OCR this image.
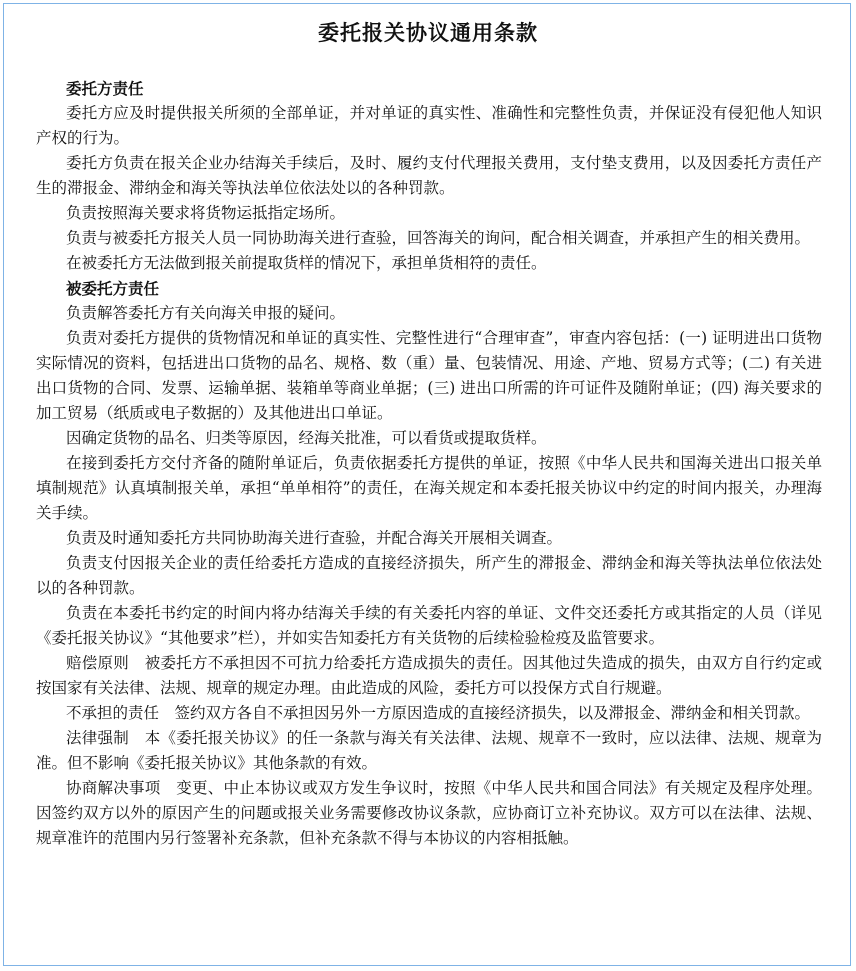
委托报关协议通用条款

委托方责任

委托方应及时提供报关所须的全部单证，并对单证的真实性、准确性和完整性负责，并保证没有侵犯他人知识产权的行为。

委托方负责在报关企业办结海关手续后，及时、履约支付代理报关费用，支付垫支费用，以及因委托方责任产生的滞报金、滞纳金和海关等执法单位依法处以的各种罚款。

负责按照海关要求将货物运抵指定场所。

负责与被委托方报关人员一同协助海关进行查验，回答海关的询问，配合相关调查，并承担产生的相关费用。

在被委托方无法做到报关前提取货样的情况下，承担单货相符的责任。

被委托方责任

负责解答委托方有关向海关申报的疑问。

负责对委托方提供的货物情况和单证的真实性、完整性进行“合理审查”，审查内容包括：(一) 证明进出口货物实际情况的资料，包括进出口货物的品名、规格、数（重）量、包装情况、用途、产地、贸易方式等；(二) 有关进出口货物的合同、发票、运输单据、装箱单等商业单据；(三) 进出口所需的许可证件及随附单证；(四) 海关要求的加工贸易（纸质或电子数据的）及其他进出口单证。

因确定货物的品名、归类等原因，经海关批准，可以看货或提取货样。

在接到委托方交付齐备的随附单证后，负责依据委托方提供的单证，按照《中华人民共和国海关进出口报关单填制规范》认真填制报关单，承担“单单相符”的责任，在海关规定和本委托报关协议中约定的时间内报关，办理海关手续。

负责及时通知委托方共同协助海关进行查验，并配合海关开展相关调查。

负责支付因报关企业的责任给委托方造成的直接经济损失，所产生的滞报金、滞纳金和海关等执法单位依法处以的各种罚款。

负责在本委托书约定的时间内将办结海关手续的有关委托内容的单证、文件交还委托方或其指定的人员（详见《委托报关协议》“其他要求”栏），并如实告知委托方有关货物的后续检验检疫及监管要求。

赔偿原则　被委托方不承担因不可抗力给委托方造成损失的责任。因其他过失造成的损失，由双方自行约定或按国家有关法律、法规、规章的规定办理。由此造成的风险，委托方可以投保方式自行规避。

不承担的责任　签约双方各自不承担因另外一方原因造成的直接经济损失，以及滞报金、滞纳金和相关罚款。

法律强制　本《委托报关协议》的任一条款与海关有关法律、法规、规章不一致时，应以法律、法规、规章为准。但不影响《委托报关协议》其他条款的有效。

协商解决事项　变更、中止本协议或双方发生争议时，按照《中华人民共和国合同法》有关规定及程序处理。因签约双方以外的原因产生的问题或报关业务需要修改协议条款，应协商订立补充协议。双方可以在法律、法规、规章准许的范围内另行签署补充条款，但补充条款不得与本协议的内容相抵触。
